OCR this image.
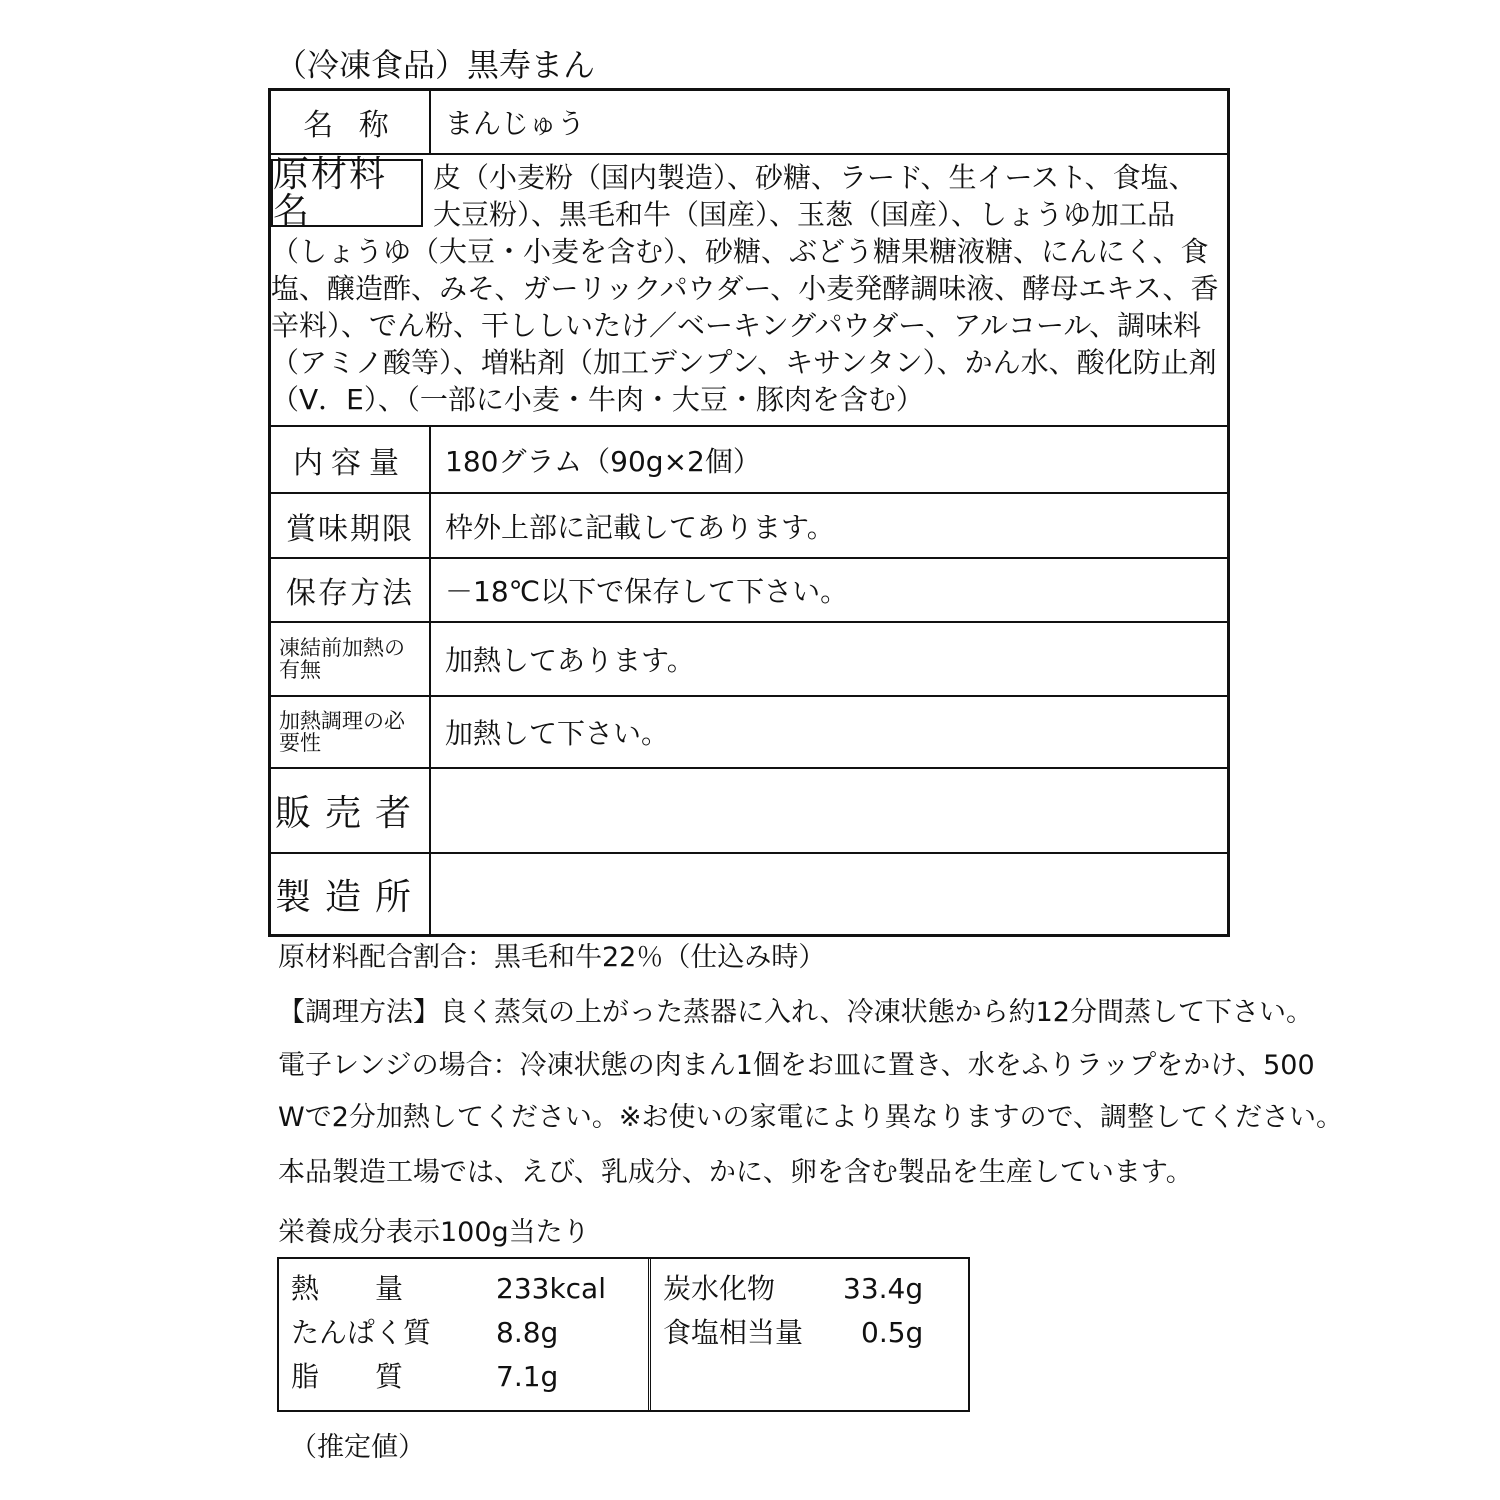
（冷凍食品）黒寿まん
名 称	まんじゅう
原材料名
皮（小麦粉（国内製造）、砂糖、ラード、生イースト、食塩、大豆粉）、黒毛和牛（国産）、玉葱（国産）、しょうゆ加工品（しょうゆ（大豆・小麦を含む）、砂糖、ぶどう糖果糖液糖、にんにく、食塩、醸造酢、みそ、ガーリックパウダー、小麦発酵調味液、酵母エキス、香辛料）、でん粉、干ししいたけ／ベーキングパウダー、アルコール、調味料（アミノ酸等）、増粘剤（加工デンプン、キサンタン）、かん水、酸化防止剤（V．E）、（一部に小麦・牛肉・大豆・豚肉を含む）
内容量	180グラム（90g×2個）
賞味期限	枠外上部に記載してあります。
保存方法	－18℃以下で保存して下さい。
凍結前加熱の有無	加熱してあります。
加熱調理の必要性	加熱して下さい。
販売者
製造所
原材料配合割合：黒毛和牛22％（仕込み時）
【調理方法】良く蒸気の上がった蒸器に入れ、冷凍状態から約12分間蒸して下さい。
電子レンジの場合：冷凍状態の肉まん1個をお皿に置き、水をふりラップをかけ、500
Wで2分加熱してください。※お使いの家電により異なりますので、調整してください。
本品製造工場では、えび、乳成分、かに、卵を含む製品を生産しています。
栄養成分表示100g当たり
熱　　量	233kcal
たんぱく質	8.8g
脂　　質	7.1g
炭水化物	33.4g
食塩相当量	0.5g
（推定値）
